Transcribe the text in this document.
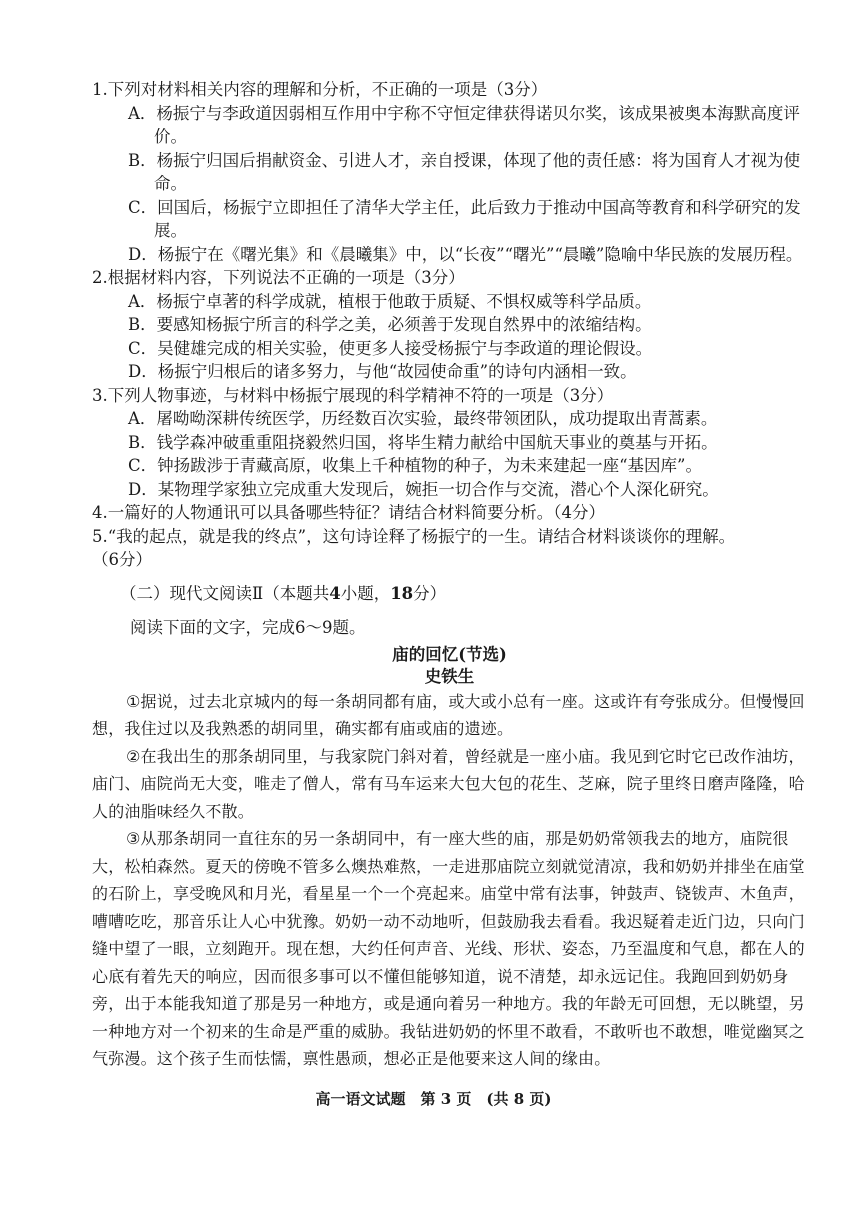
1.下列对材料相关内容的理解和分析，不正确的一项是（3分）
A．杨振宁与李政道因弱相互作用中宇称不守恒定律获得诺贝尔奖，该成果被奥本海默高度评价。
B．杨振宁归国后捐献资金、引进人才，亲自授课，体现了他的责任感：将为国育人才视为使命。
C．回国后，杨振宁立即担任了清华大学主任，此后致力于推动中国高等教育和科学研究的发展。
D．杨振宁在《曙光集》和《晨曦集》中，以“长夜”“曙光”“晨曦”隐喻中华民族的发展历程。
2.根据材料内容，下列说法不正确的一项是（3分）
A．杨振宁卓著的科学成就，植根于他敢于质疑、不惧权威等科学品质。
B．要感知杨振宁所言的科学之美，必须善于发现自然界中的浓缩结构。
C．吴健雄完成的相关实验，使更多人接受杨振宁与李政道的理论假设。
D．杨振宁归根后的诸多努力，与他“故园使命重”的诗句内涵相一致。
3.下列人物事迹，与材料中杨振宁展现的科学精神不符的一项是（3分）
A．屠呦呦深耕传统医学，历经数百次实验，最终带领团队，成功提取出青蒿素。
B．钱学森冲破重重阻挠毅然归国，将毕生精力献给中国航天事业的奠基与开拓。
C．钟扬跋涉于青藏高原，收集上千种植物的种子，为未来建起一座“基因库”。
D．某物理学家独立完成重大发现后，婉拒一切合作与交流，潜心个人深化研究。
4.一篇好的人物通讯可以具备哪些特征？请结合材料简要分析。（4分）
5.“我的起点，就是我的终点”，这句诗诠释了杨振宁的一生。请结合材料谈谈你的理解。
（6分）
（二）现代文阅读Ⅱ（本题共4小题，18分）
阅读下面的文字，完成6～9题。
庙的回忆(节选)
史铁生

①据说，过去北京城内的每一条胡同都有庙，或大或小总有一座。这或许有夸张成分。但慢慢回想，我住过以及我熟悉的胡同里，确实都有庙或庙的遗迹。

②在我出生的那条胡同里，与我家院门斜对着，曾经就是一座小庙。我见到它时它已改作油坊，庙门、庙院尚无大变，唯走了僧人，常有马车运来大包大包的花生、芝麻，院子里终日磨声隆隆，哈人的油脂味经久不散。

③从那条胡同一直往东的另一条胡同中，有一座大些的庙，那是奶奶常领我去的地方，庙院很大，松柏森然。夏天的傍晚不管多么燠热难熬，一走进那庙院立刻就觉清凉，我和奶奶并排坐在庙堂的石阶上，享受晚风和月光，看星星一个一个亮起来。庙堂中常有法事，钟鼓声、铙钹声、木鱼声，嘈嘈吃吃，那音乐让人心中犹豫。奶奶一动不动地听，但鼓励我去看看。我迟疑着走近门边，只向门缝中望了一眼，立刻跑开。现在想，大约任何声音、光线、形状、姿态，乃至温度和气息，都在人的心底有着先天的响应，因而很多事可以不懂但能够知道，说不清楚，却永远记住。我跑回到奶奶身旁，出于本能我知道了那是另一种地方，或是通向着另一种地方。我的年龄无可回想，无以眺望，另一种地方对一个初来的生命是严重的威胁。我钻进奶奶的怀里不敢看，不敢听也不敢想，唯觉幽冥之气弥漫。这个孩子生而怯懦，禀性愚顽，想必正是他要来这人间的缘由。

高一语文试题　第 3 页　(共 8 页)
